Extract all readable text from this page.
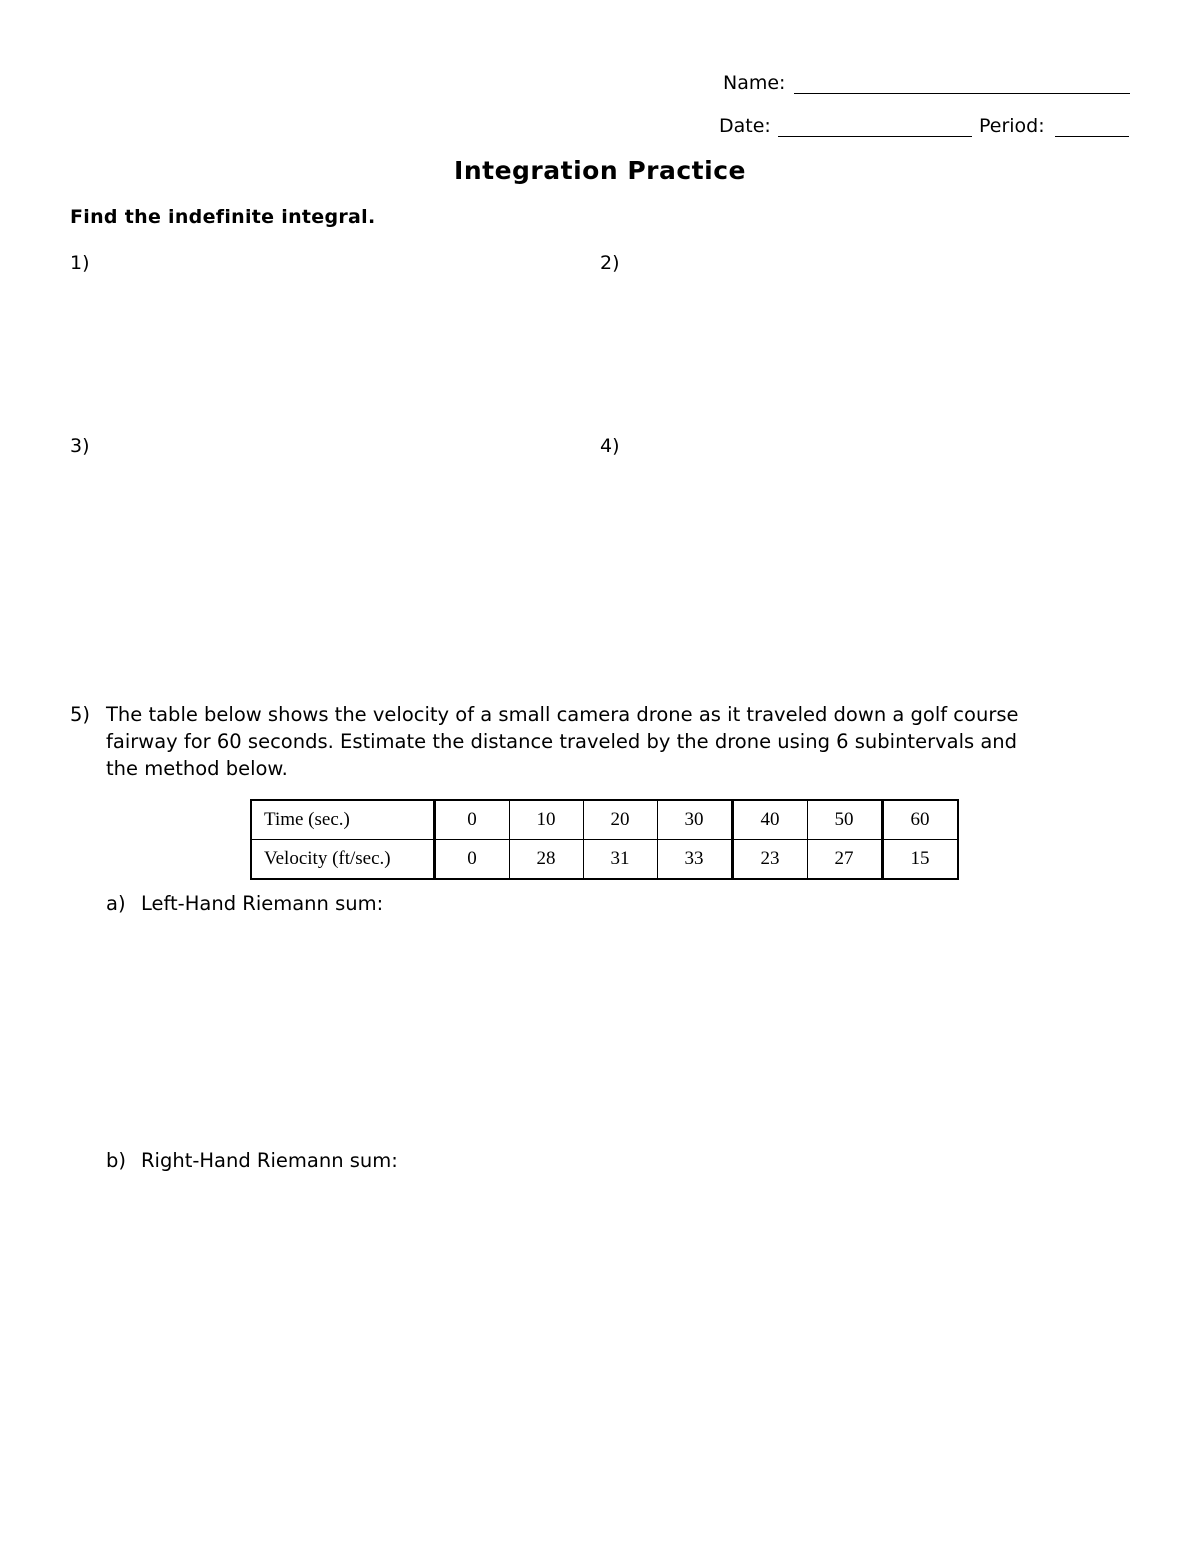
Name:
Date:	Period:
Integration Practice
Find the indefinite integral.
1)	2)
3)	4)
5) The table below shows the velocity of a small camera drone as it traveled down a golf course
fairway for 60 seconds. Estimate the distance traveled by the drone using 6 subintervals and
the method below.
Time (sec.)	0	10	20	30	40	50	60
Velocity (ft/sec.)	0	28	31	33	23	27	15
a) Left-Hand Riemann sum:
b) Right-Hand Riemann sum:
